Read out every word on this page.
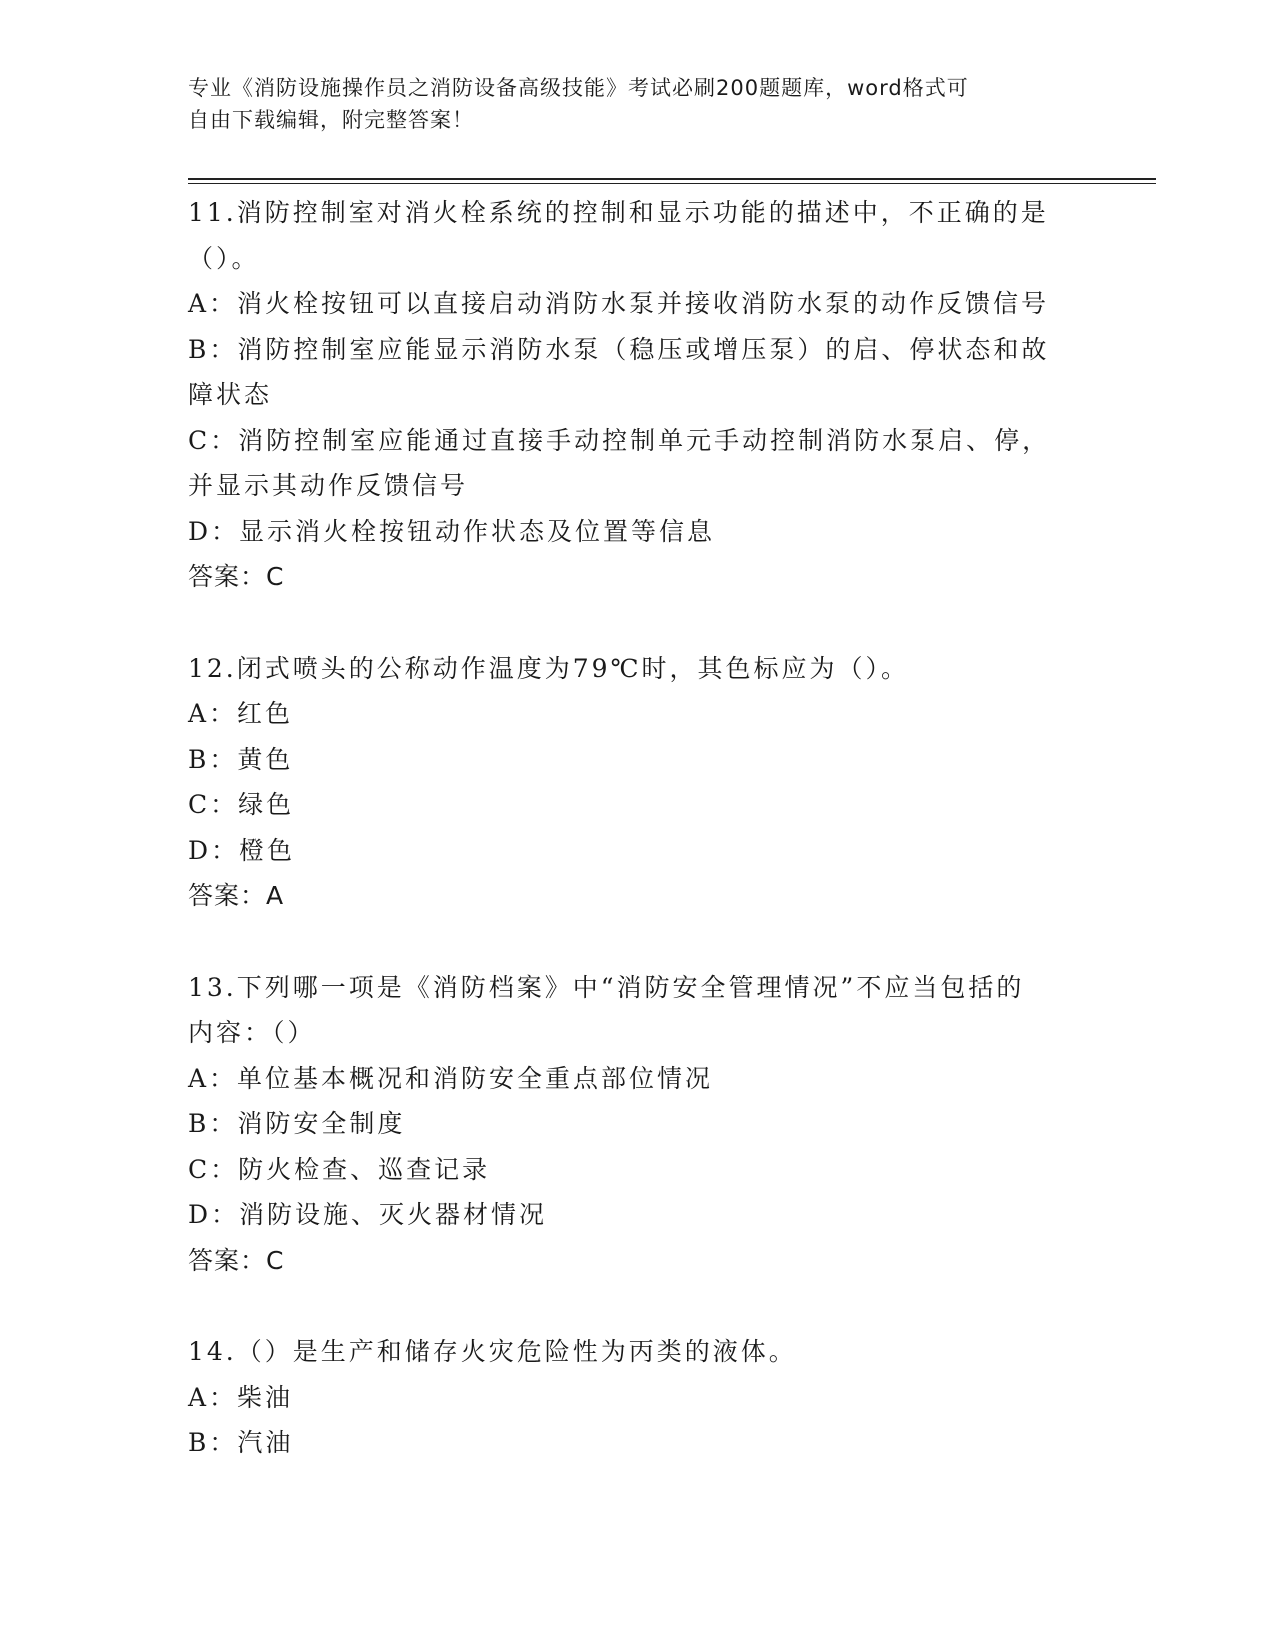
专业《消防设施操作员之消防设备高级技能》考试必刷200题题库，word格式可
自由下载编辑，附完整答案！
11.消防控制室对消火栓系统的控制和显示功能的描述中，不正确的是
（）。
A：消火栓按钮可以直接启动消防水泵并接收消防水泵的动作反馈信号
B：消防控制室应能显示消防水泵（稳压或增压泵）的启、停状态和故
障状态
C：消防控制室应能通过直接手动控制单元手动控制消防水泵启、停，
并显示其动作反馈信号
D：显示消火栓按钮动作状态及位置等信息
答案：C
12.闭式喷头的公称动作温度为79℃时，其色标应为（）。
A：红色
B：黄色
C：绿色
D：橙色
答案：A
13.下列哪一项是《消防档案》中“消防安全管理情况”不应当包括的
内容：（）
A：单位基本概况和消防安全重点部位情况
B：消防安全制度
C：防火检查、巡查记录
D：消防设施、灭火器材情况
答案：C
14.（）是生产和储存火灾危险性为丙类的液体。
A：柴油
B：汽油
